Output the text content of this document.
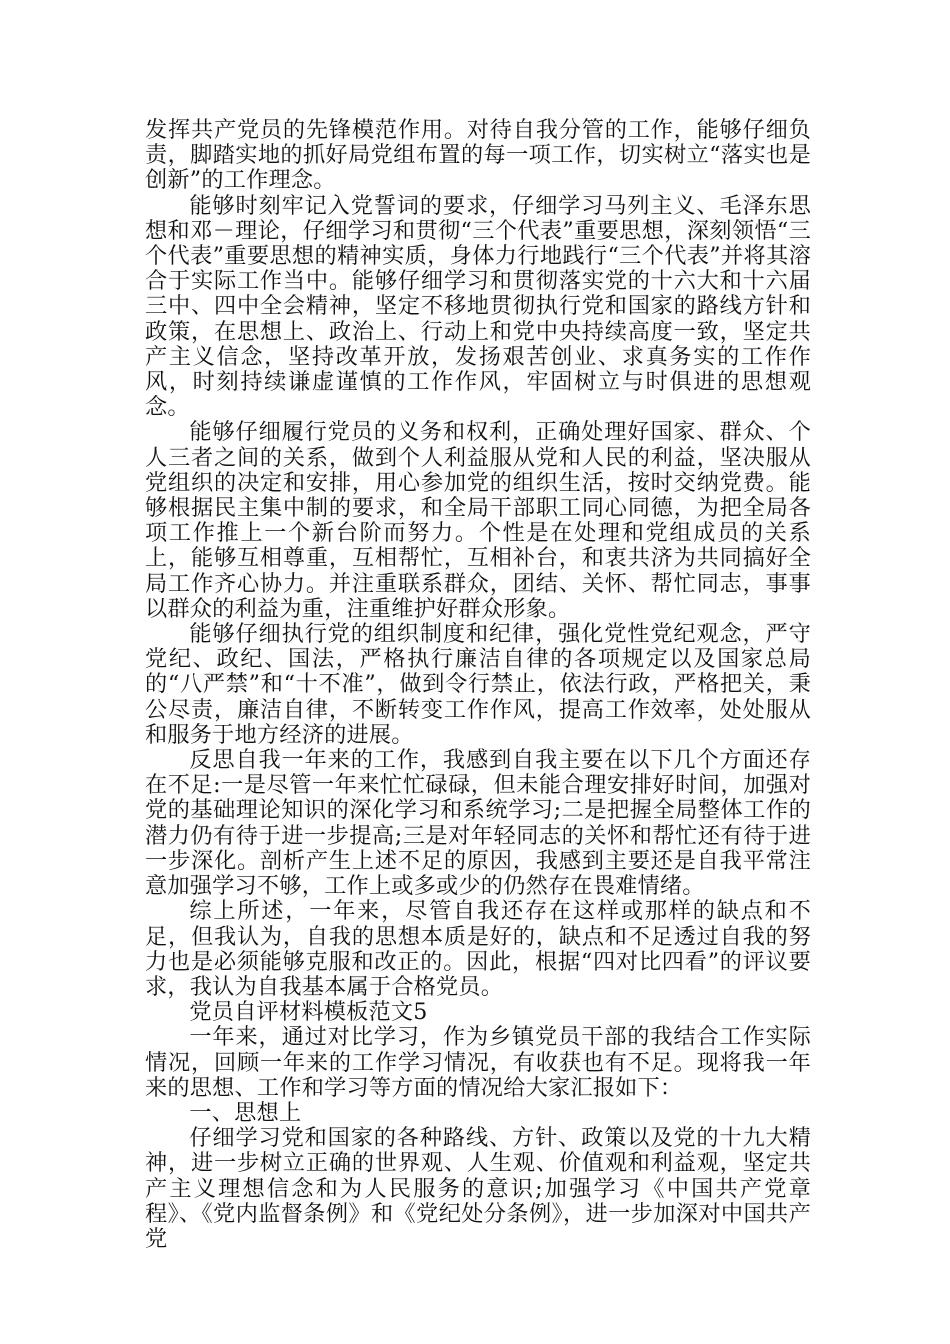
发挥共产党员的先锋模范作用。对待自我分管的工作，能够仔细负责，脚踏实地的抓好局党组布置的每一项工作，切实树立“落实也是创新”的工作理念。

能够时刻牢记入党誓词的要求，仔细学习马列主义、毛泽东思想和邓－理论，仔细学习和贯彻“三个代表”重要思想，深刻领悟“三个代表”重要思想的精神实质，身体力行地践行“三个代表”并将其溶合于实际工作当中。能够仔细学习和贯彻落实党的十六大和十六届三中、四中全会精神，坚定不移地贯彻执行党和国家的路线方针和政策，在思想上、政治上、行动上和党中央持续高度一致，坚定共产主义信念，坚持改革开放，发扬艰苦创业、求真务实的工作作风，时刻持续谦虚谨慎的工作作风，牢固树立与时俱进的思想观念。

能够仔细履行党员的义务和权利，正确处理好国家、群众、个人三者之间的关系，做到个人利益服从党和人民的利益，坚决服从党组织的决定和安排，用心参加党的组织生活，按时交纳党费。能够根据民主集中制的要求，和全局干部职工同心同德，为把全局各项工作推上一个新台阶而努力。个性是在处理和党组成员的关系上，能够互相尊重，互相帮忙，互相补台，和衷共济为共同搞好全局工作齐心协力。并注重联系群众，团结、关怀、帮忙同志，事事以群众的利益为重，注重维护好群众形象。

能够仔细执行党的组织制度和纪律，强化党性党纪观念，严守党纪、政纪、国法，严格执行廉洁自律的各项规定以及国家总局的“八严禁”和“十不准”，做到令行禁止，依法行政，严格把关，秉公尽责，廉洁自律，不断转变工作作风，提高工作效率，处处服从和服务于地方经济的进展。

反思自我一年来的工作，我感到自我主要在以下几个方面还存在不足:一是尽管一年来忙忙碌碌，但未能合理安排好时间，加强对党的基础理论知识的深化学习和系统学习;二是把握全局整体工作的潜力仍有待于进一步提高;三是对年轻同志的关怀和帮忙还有待于进一步深化。剖析产生上述不足的原因，我感到主要还是自我平常注意加强学习不够，工作上或多或少的仍然存在畏难情绪。

综上所述，一年来，尽管自我还存在这样或那样的缺点和不足，但我认为，自我的思想本质是好的，缺点和不足透过自我的努力也是必须能够克服和改正的。因此，根据“四对比四看”的评议要求，我认为自我基本属于合格党员。

党员自评材料模板范文5

一年来，通过对比学习，作为乡镇党员干部的我结合工作实际情况，回顾一年来的工作学习情况，有收获也有不足。现将我一年来的思想、工作和学习等方面的情况给大家汇报如下：

一、思想上

仔细学习党和国家的各种路线、方针、政策以及党的十九大精神，进一步树立正确的世界观、人生观、价值观和利益观，坚定共产主义理想信念和为人民服务的意识;加强学习《中国共产党章程》、《党内监督条例》和《党纪处分条例》，进一步加深对中国共产党
